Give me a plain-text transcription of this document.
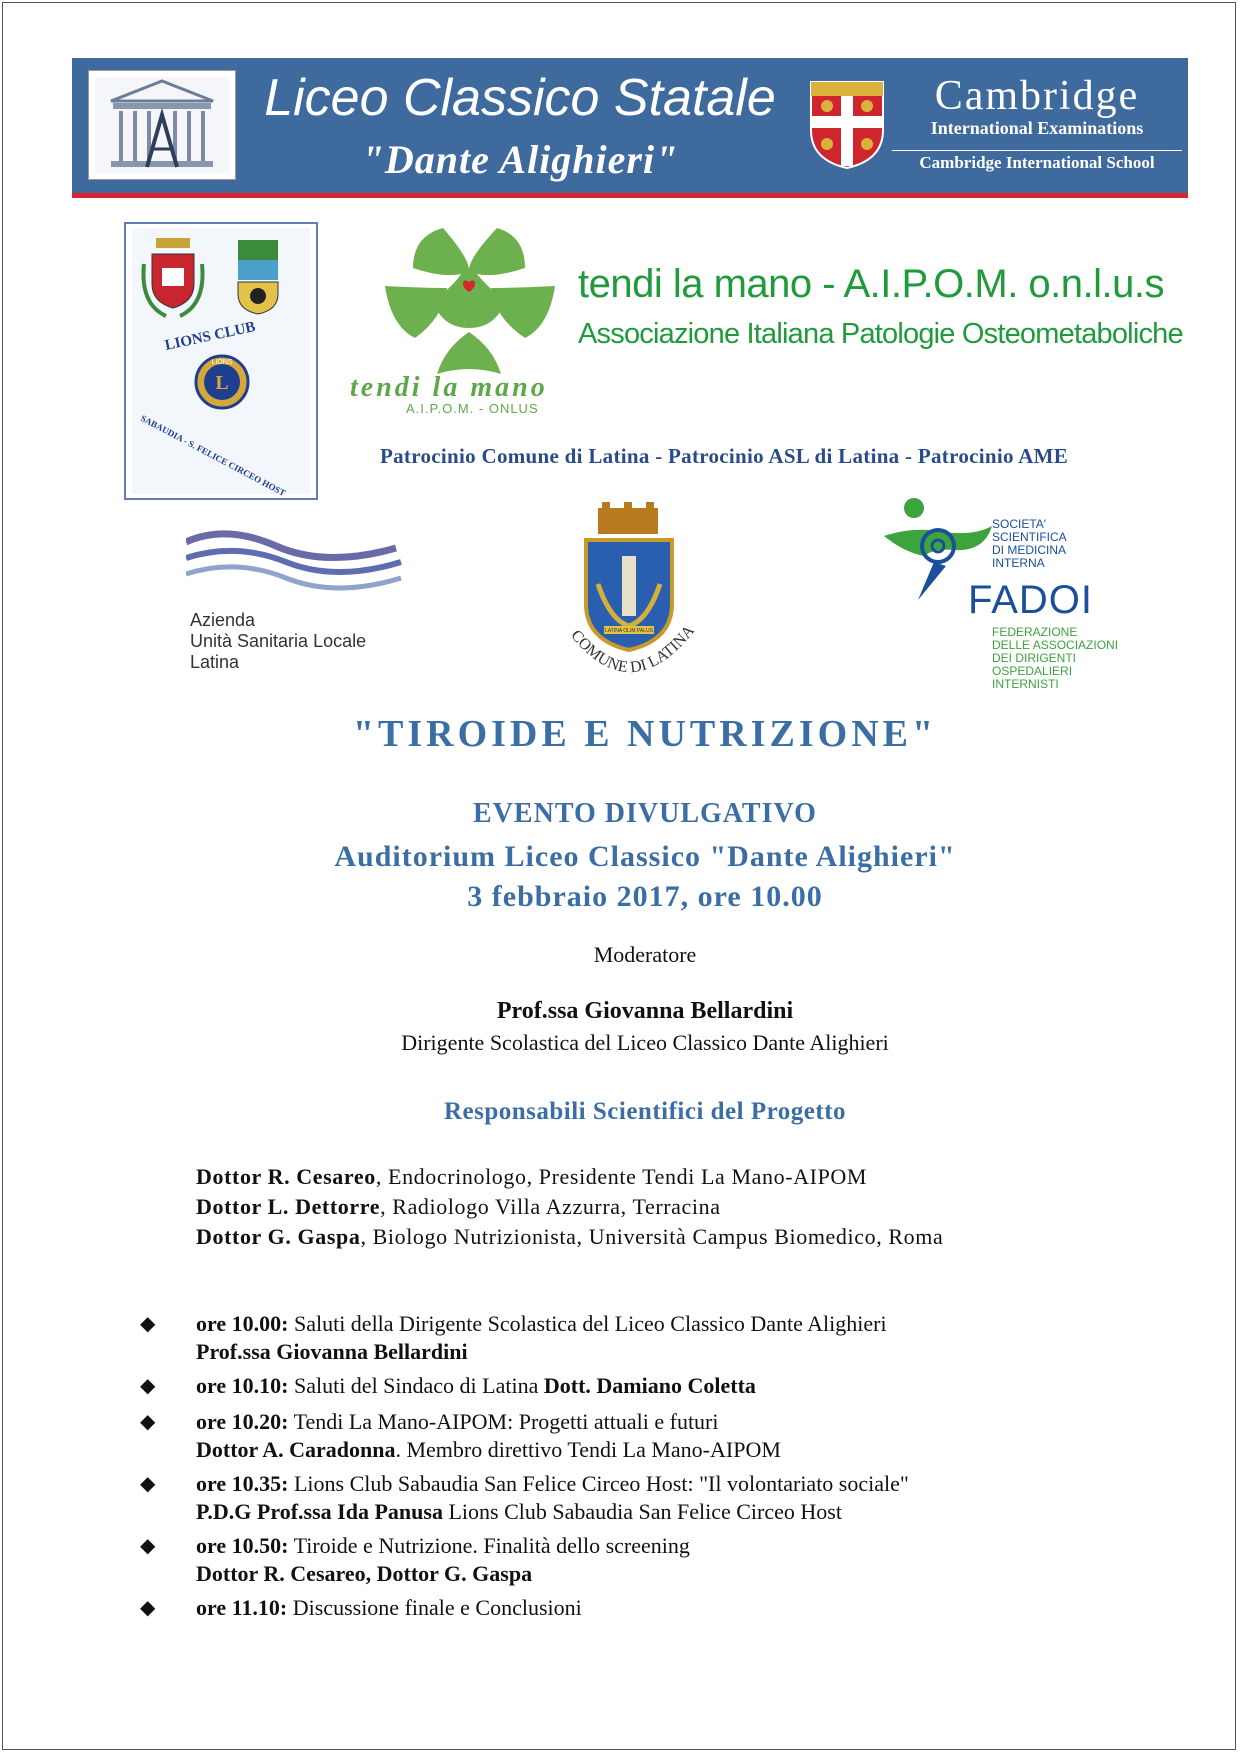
Liceo Classico Statale
"Dante Alighieri"
Cambridge
International Examinations
Cambridge International School
LIONS CLUB
L
LIONS
SABAUDIA - S. FELICE CIRCEO HOST
tendi la mano
A.I.P.O.M. - ONLUS
tendi la mano - A.I.P.O.M. o.n.l.u.s
Associazione Italiana Patologie Osteometaboliche
Patrocinio Comune di Latina - Patrocinio ASL di Latina - Patrocinio AME
Azienda
Unità Sanitaria Locale
Latina
LATINA OLIM PALUS
COMUNE DI LATINA
SOCIETA'
SCIENTIFICA
DI MEDICINA
INTERNA
FADOI
FEDERAZIONE
DELLE ASSOCIAZIONI
DEI DIRIGENTI
OSPEDALIERI
INTERNISTI
"TIROIDE E NUTRIZIONE"
EVENTO DIVULGATIVO
Auditorium Liceo Classico "Dante Alighieri"
3 febbraio 2017, ore 10.00
Moderatore
Prof.ssa Giovanna Bellardini
Dirigente Scolastica del Liceo Classico Dante Alighieri
Responsabili Scientifici del Progetto
Dottor R. Cesareo, Endocrinologo, Presidente Tendi La Mano-AIPOM
Dottor L. Dettorre, Radiologo Villa Azzurra, Terracina
Dottor G. Gaspa, Biologo Nutrizionista, Università Campus Biomedico, Roma
◆ ore 10.00: Saluti della Dirigente Scolastica del Liceo Classico Dante Alighieri
Prof.ssa Giovanna Bellardini
◆ ore 10.10: Saluti del Sindaco di Latina Dott. Damiano Coletta
◆ ore 10.20: Tendi La Mano-AIPOM: Progetti attuali e futuri
Dottor A. Caradonna. Membro direttivo Tendi La Mano-AIPOM
◆ ore 10.35: Lions Club Sabaudia San Felice Circeo Host: "Il volontariato sociale"
P.D.G Prof.ssa Ida Panusa Lions Club Sabaudia San Felice Circeo Host
◆ ore 10.50: Tiroide e Nutrizione. Finalità dello screening
Dottor R. Cesareo, Dottor G. Gaspa
◆ ore 11.10: Discussione finale e Conclusioni
